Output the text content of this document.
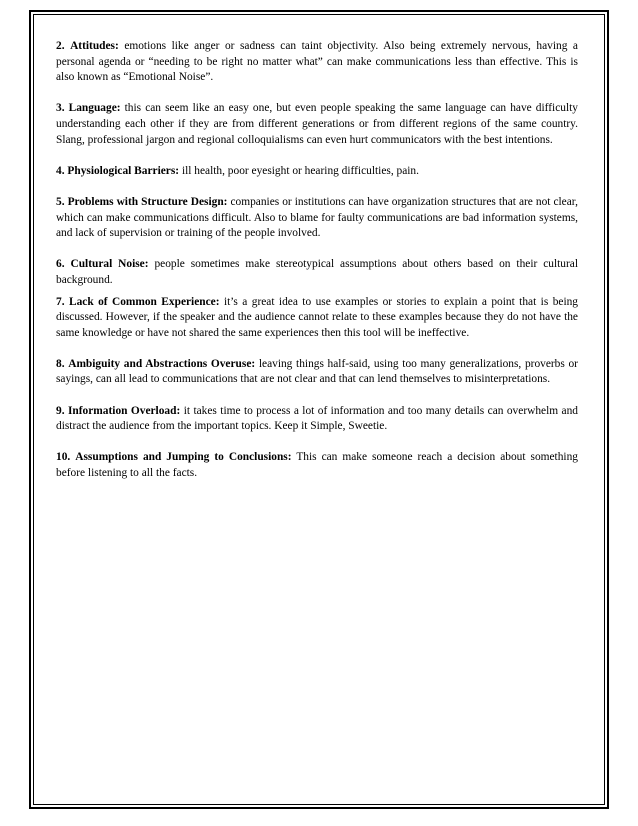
2. Attitudes: emotions like anger or sadness can taint objectivity. Also being extremely nervous, having a personal agenda or “needing to be right no matter what” can make communications less than effective. This is also known as “Emotional Noise”.

3. Language: this can seem like an easy one, but even people speaking the same language can have difficulty understanding each other if they are from different generations or from different regions of the same country. Slang, professional jargon and regional colloquialisms can even hurt communicators with the best intentions.

4. Physiological Barriers: ill health, poor eyesight or hearing difficulties, pain.

5. Problems with Structure Design: companies or institutions can have organization structures that are not clear, which can make communications difficult. Also to blame for faulty communications are bad information systems, and lack of supervision or training of the people involved.

6. Cultural Noise: people sometimes make stereotypical assumptions about others based on their cultural background.

7. Lack of Common Experience: it’s a great idea to use examples or stories to explain a point that is being discussed. However, if the speaker and the audience cannot relate to these examples because they do not have the same knowledge or have not shared the same experiences then this tool will be ineffective.

8. Ambiguity and Abstractions Overuse: leaving things half-said, using too many generalizations, proverbs or sayings, can all lead to communications that are not clear and that can lend themselves to misinterpretations.

9. Information Overload: it takes time to process a lot of information and too many details can overwhelm and distract the audience from the important topics. Keep it Simple, Sweetie.

10. Assumptions and Jumping to Conclusions: This can make someone reach a decision about something before listening to all the facts.
